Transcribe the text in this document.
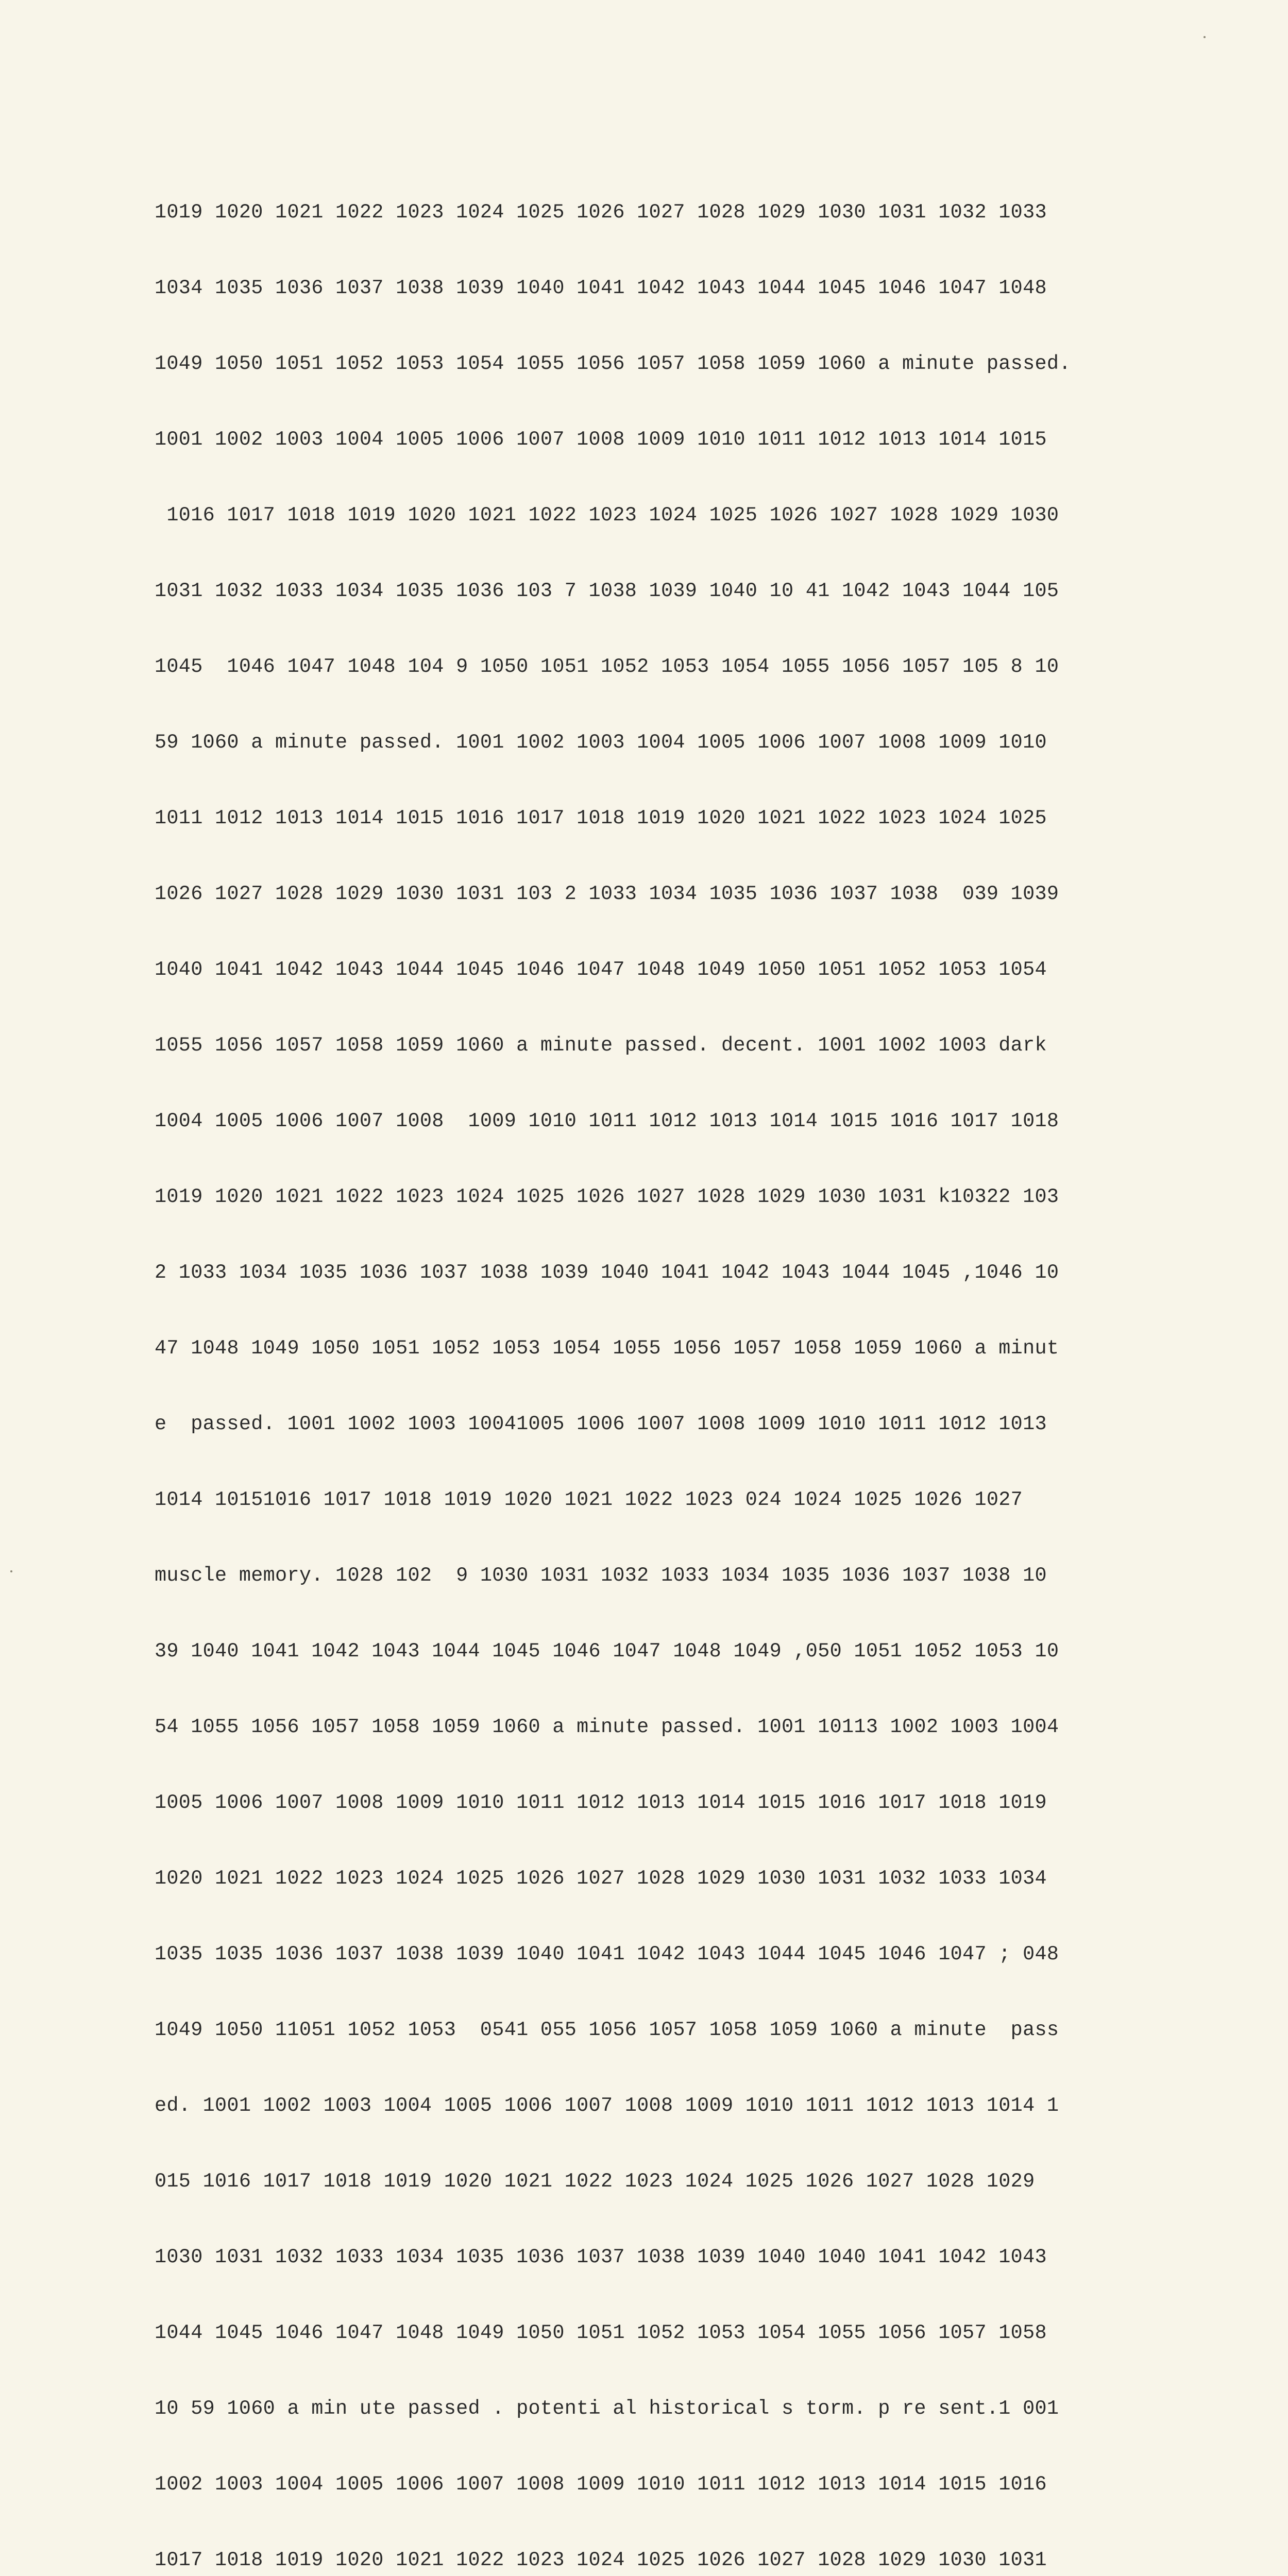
1019 1020 1021 1022 1023 1024 1025 1026 1027 1028 1029 1030 1031 1032 1033

1034 1035 1036 1037 1038 1039 1040 1041 1042 1043 1044 1045 1046 1047 1048

1049 1050 1051 1052 1053 1054 1055 1056 1057 1058 1059 1060 a minute passed.

1001 1002 1003 1004 1005 1006 1007 1008 1009 1010 1011 1012 1013 1014 1015

1016 1017 1018 1019 1020 1021 1022 1023 1024 1025 1026 1027 1028 1029 1030

1031 1032 1033 1034 1035 1036 103 7 1038 1039 1040 10 41 1042 1043 1044 105

1045  1046 1047 1048 104 9 1050 1051 1052 1053 1054 1055 1056 1057 105 8 10

59 1060 a minute passed. 1001 1002 1003 1004 1005 1006 1007 1008 1009 1010

1011 1012 1013 1014 1015 1016 1017 1018 1019 1020 1021 1022 1023 1024 1025

1026 1027 1028 1029 1030 1031 103 2 1033 1034 1035 1036 1037 1038  039 1039

1040 1041 1042 1043 1044 1045 1046 1047 1048 1049 1050 1051 1052 1053 1054

1055 1056 1057 1058 1059 1060 a minute passed. decent. 1001 1002 1003 dark

1004 1005 1006 1007 1008  1009 1010 1011 1012 1013 1014 1015 1016 1017 1018

1019 1020 1021 1022 1023 1024 1025 1026 1027 1028 1029 1030 1031 k10322 103

2 1033 1034 1035 1036 1037 1038 1039 1040 1041 1042 1043 1044 1045 ,1046 10

47 1048 1049 1050 1051 1052 1053 1054 1055 1056 1057 1058 1059 1060 a minut

e  passed. 1001 1002 1003 10041005 1006 1007 1008 1009 1010 1011 1012 1013

1014 10151016 1017 1018 1019 1020 1021 1022 1023 024 1024 1025 1026 1027

muscle memory. 1028 102  9 1030 1031 1032 1033 1034 1035 1036 1037 1038 10

39 1040 1041 1042 1043 1044 1045 1046 1047 1048 1049 ,050 1051 1052 1053 10

54 1055 1056 1057 1058 1059 1060 a minute passed. 1001 10113 1002 1003 1004

1005 1006 1007 1008 1009 1010 1011 1012 1013 1014 1015 1016 1017 1018 1019

1020 1021 1022 1023 1024 1025 1026 1027 1028 1029 1030 1031 1032 1033 1034

1035 1035 1036 1037 1038 1039 1040 1041 1042 1043 1044 1045 1046 1047 ; 048

1049 1050 11051 1052 1053  0541 055 1056 1057 1058 1059 1060 a minute  pass

ed. 1001 1002 1003 1004 1005 1006 1007 1008 1009 1010 1011 1012 1013 1014 1

015 1016 1017 1018 1019 1020 1021 1022 1023 1024 1025 1026 1027 1028 1029

1030 1031 1032 1033 1034 1035 1036 1037 1038 1039 1040 1040 1041 1042 1043

1044 1045 1046 1047 1048 1049 1050 1051 1052 1053 1054 1055 1056 1057 1058

10 59 1060 a min ute passed . potenti al historical s torm. p re sent.1 001

1002 1003 1004 1005 1006 1007 1008 1009 1010 1011 1012 1013 1014 1015 1016

1017 1018 1019 1020 1021 1022 1023 1024 1025 1026 1027 1028 1029 1030 1031
